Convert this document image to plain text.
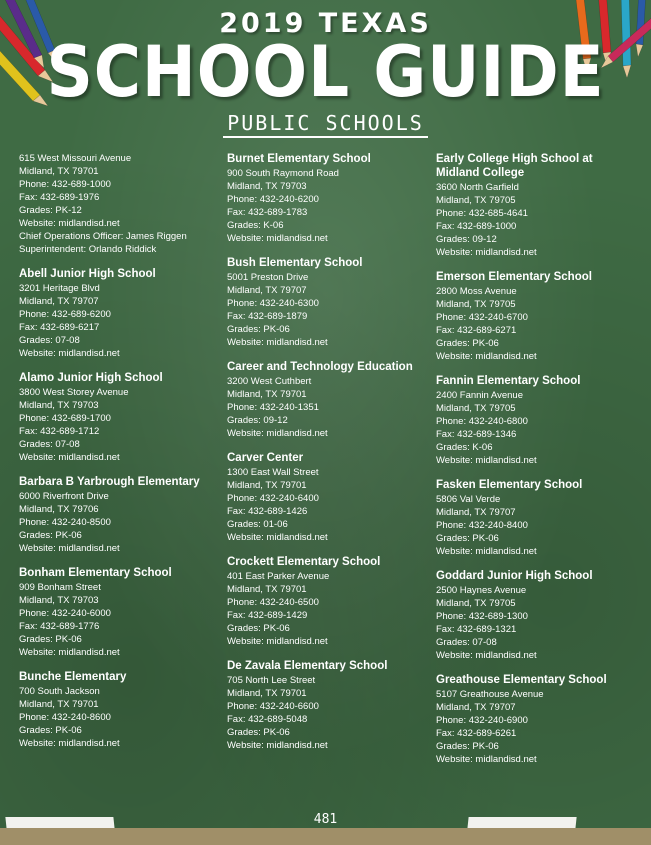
2019 TEXAS
SCHOOL GUIDE
PUBLIC SCHOOLS
615 West Missouri Avenue
Midland, TX 79701
Phone: 432-689-1000
Fax: 432-689-1976
Grades: PK-12
Website: midlandisd.net
Chief Operations Officer: James Riggen
Superintendent: Orlando Riddick
Abell Junior High School
3201 Heritage Blvd
Midland, TX 79707
Phone: 432-689-6200
Fax: 432-689-6217
Grades: 07-08
Website: midlandisd.net
Alamo Junior High School
3800 West Storey Avenue
Midland, TX 79703
Phone: 432-689-1700
Fax: 432-689-1712
Grades: 07-08
Website: midlandisd.net
Barbara B Yarbrough Elementary
6000 Riverfront Drive
Midland, TX 79706
Phone: 432-240-8500
Grades: PK-06
Website: midlandisd.net
Bonham Elementary School
909 Bonham Street
Midland, TX 79703
Phone: 432-240-6000
Fax: 432-689-1776
Grades: PK-06
Website: midlandisd.net
Bunche Elementary
700 South Jackson
Midland, TX 79701
Phone: 432-240-8600
Grades: PK-06
Website: midlandisd.net
Burnet Elementary School
900 South Raymond Road
Midland, TX 79703
Phone: 432-240-6200
Fax: 432-689-1783
Grades: K-06
Website: midlandisd.net
Bush Elementary School
5001 Preston Drive
Midland, TX 79707
Phone: 432-240-6300
Fax: 432-689-1879
Grades: PK-06
Website: midlandisd.net
Career and Technology Education
3200 West Cuthbert
Midland, TX 79701
Phone: 432-240-1351
Grades: 09-12
Website: midlandisd.net
Carver Center
1300 East Wall Street
Midland, TX 79701
Phone: 432-240-6400
Fax: 432-689-1426
Grades: 01-06
Website: midlandisd.net
Crockett Elementary School
401 East Parker Avenue
Midland, TX 79701
Phone: 432-240-6500
Fax: 432-689-1429
Grades: PK-06
Website: midlandisd.net
De Zavala Elementary School
705 North Lee Street
Midland, TX 79701
Phone: 432-240-6600
Fax: 432-689-5048
Grades: PK-06
Website: midlandisd.net
Early College High School at Midland College
3600 North Garfield
Midland, TX 79705
Phone: 432-685-4641
Fax: 432-689-1000
Grades: 09-12
Website: midlandisd.net
Emerson Elementary School
2800 Moss Avenue
Midland, TX 79705
Phone: 432-240-6700
Fax: 432-689-6271
Grades: PK-06
Website: midlandisd.net
Fannin Elementary School
2400 Fannin Avenue
Midland, TX 79705
Phone: 432-240-6800
Fax: 432-689-1346
Grades: K-06
Website: midlandisd.net
Fasken Elementary School
5806 Val Verde
Midland, TX 79707
Phone: 432-240-8400
Grades: PK-06
Website: midlandisd.net
Goddard Junior High School
2500 Haynes Avenue
Midland, TX 79705
Phone: 432-689-1300
Fax: 432-689-1321
Grades: 07-08
Website: midlandisd.net
Greathouse Elementary School
5107 Greathouse Avenue
Midland, TX 79707
Phone: 432-240-6900
Fax: 432-689-6261
Grades: PK-06
Website: midlandisd.net
481
